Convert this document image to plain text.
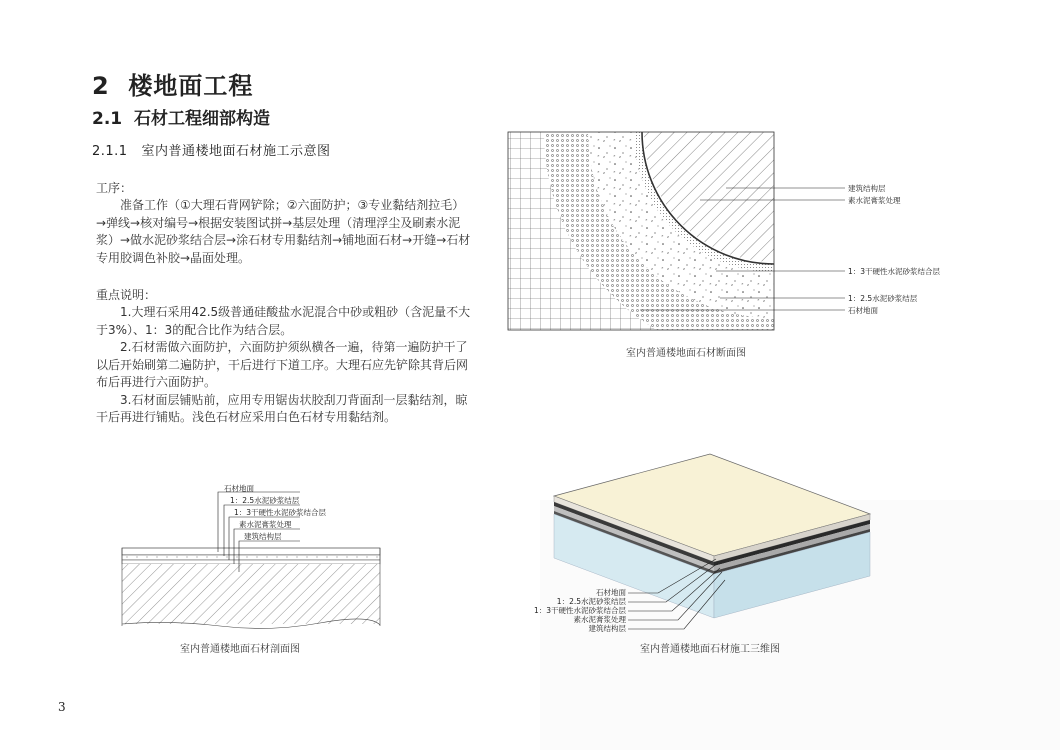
2 楼地面工程
2.1 石材工程细部构造
2.1.1 室内普通楼地面石材施工示意图
工序：
准备工作（①大理石背网铲除；②六面防护；③专业黏结剂拉毛）→弹线→核对编号→根据安装图试拼→基层处理（清理浮尘及刷素水泥浆）→做水泥砂浆结合层→涂石材专用黏结剂→铺地面石材→开缝→石材专用胶调色补胶→晶面处理。
重点说明：
1.大理石采用42.5级普通硅酸盐水泥混合中砂或粗砂（含泥量不大于3%）、1：3的配合比作为结合层。
2.石材需做六面防护，六面防护须纵横各一遍，待第一遍防护干了以后开始刷第二遍防护，干后进行下道工序。大理石应先铲除其背后网布后再进行六面防护。
3.石材面层铺贴前，应用专用锯齿状胶刮刀背面刮一层黏结剂，晾干后再进行铺贴。浅色石材应采用白色石材专用黏结剂。
建筑结构层
素水泥膏浆处理
1：3干硬性水泥砂浆结合层
1：2.5水泥砂浆结层
石材地面
室内普通楼地面石材断面图
石材地面
1：2.5水泥砂浆结层
1：3干硬性水泥砂浆结合层
素水泥膏浆处理
建筑结构层
室内普通楼地面石材剖面图
石材地面
1：2.5水泥砂浆结层
1：3干硬性水泥砂浆结合层
素水泥膏浆处理
建筑结构层
室内普通楼地面石材施工三维图
3
